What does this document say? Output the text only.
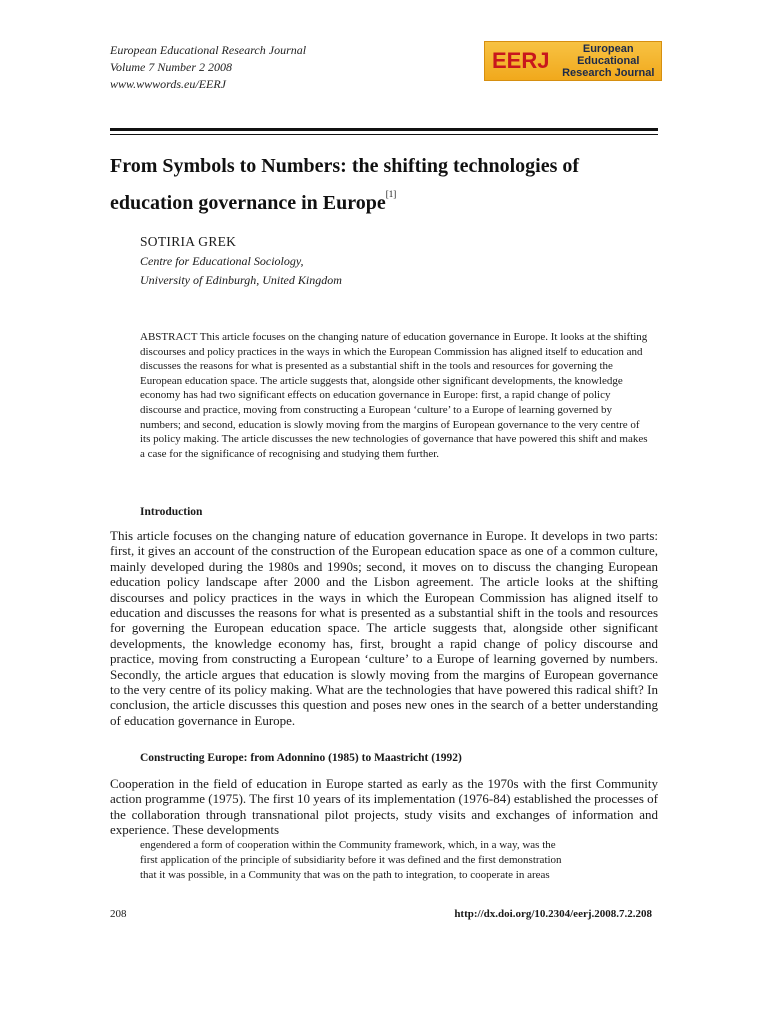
European Educational Research Journal
Volume 7 Number 2 2008
www.wwwords.eu/EERJ
EERJ	European Educational
Research Journal
From Symbols to Numbers: the shifting technologies of education governance in Europe[1]
SOTIRIA GREK
Centre for Educational Sociology,
University of Edinburgh, United Kingdom
ABSTRACT This article focuses on the changing nature of education governance in Europe. It looks at the shifting discourses and policy practices in the ways in which the European Commission has aligned itself to education and discusses the reasons for what is presented as a substantial shift in the tools and resources for governing the European education space. The article suggests that, alongside other significant developments, the knowledge economy has had two significant effects on education governance in Europe: first, a rapid change of policy discourse and practice, moving from constructing a European ‘culture’ to a Europe of learning governed by numbers; and second, education is slowly moving from the margins of European governance to the very centre of its policy making. The article discusses the new technologies of governance that have powered this shift and makes a case for the significance of recognising and studying them further.
Introduction
This article focuses on the changing nature of education governance in Europe. It develops in two parts: first, it gives an account of the construction of the European education space as one of a common culture, mainly developed during the 1980s and 1990s; second, it moves on to discuss the changing European education policy landscape after 2000 and the Lisbon agreement. The article looks at the shifting discourses and policy practices in the ways in which the European Commission has aligned itself to education and discusses the reasons for what is presented as a substantial shift in the tools and resources for governing the European education space. The article suggests that, alongside other significant developments, the knowledge economy has, first, brought a rapid change of policy discourse and practice, moving from constructing a European ‘culture’ to a Europe of learning governed by numbers. Secondly, the article argues that education is slowly moving from the margins of European governance to the very centre of its policy making. What are the technologies that have powered this radical shift? In conclusion, the article discusses this question and poses new ones in the search of a better understanding of education governance in Europe.
Constructing Europe: from Adonnino (1985) to Maastricht (1992)
Cooperation in the field of education in Europe started as early as the 1970s with the first Community action programme (1975). The first 10 years of its implementation (1976-84) established the processes of the collaboration through transnational pilot projects, study visits and exchanges of information and experience. These developments
engendered a form of cooperation within the Community framework, which, in a way, was the
first application of the principle of subsidiarity before it was defined and the first demonstration
that it was possible, in a Community that was on the path to integration, to cooperate in areas
208	http://dx.doi.org/10.2304/eerj.2008.7.2.208
